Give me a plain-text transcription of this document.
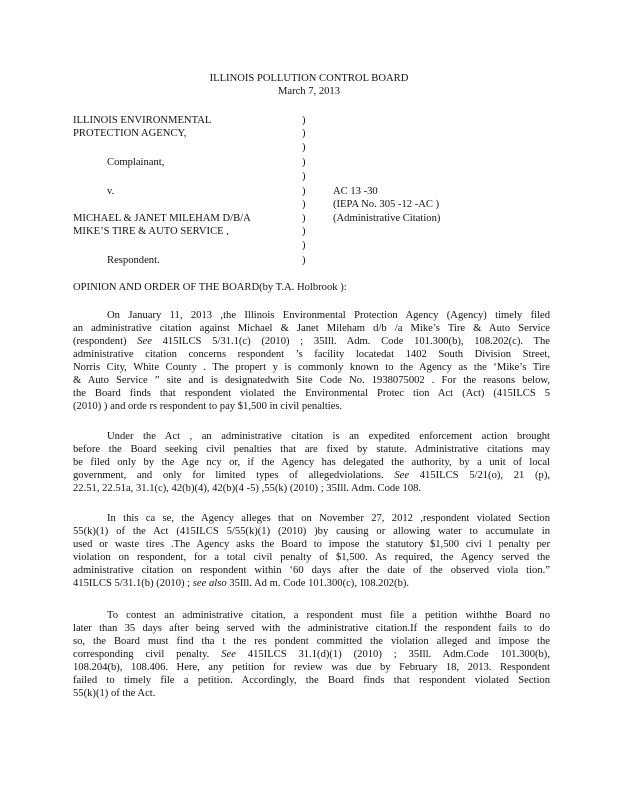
ILLINOIS POLLUTION CONTROL BOARD
March 7, 2013
ILLINOIS ENVIRONMENTAL
PROTECTION AGENCY,
Complainant,
v.
MICHAEL & JANET MILEHAM D/B/A
MIKE’S TIRE & AUTO SERVICE ,
Respondent.
)
)
)
)
)
)
)
)
)
)
)
AC 13 -30
(IEPA No. 305 -12 -AC )
(Administrative Citation)
OPINION AND ORDER OF THE BOARD(by T.A. Holbrook ):
On January 11, 2013 ,the Illinois Environmental Protection Agency (Agency) timely filed
an administrative citation against Michael & Janet Mileham d/b /a Mike’s Tire & Auto Service
(respondent) See 415ILCS 5/31.1(c) (2010) ; 35Ill. Adm. Code 101.300(b), 108.202(c). The
administrative citation concerns respondent ’s facility locatedat 1402 South Division Street,
Norris City, White County . The propert y is commonly known to the Agency as the ‘Mike’s Tire
& Auto Service ” site and is designatedwith Site Code No. 1938075002 . For the reasons below,
the Board finds that respondent violated the Environmental Protec tion Act (Act) (415ILCS 5
(2010) ) and orde rs respondent to pay $1,500 in civil penalties.
Under the Act , an administrative citation is an expedited enforcement action brought
before the Board seeking civil penalties that are fixed by statute. Administrative citations may
be filed only by the Age ncy or, if the Agency has delegated the authority, by a unit of local
government, and only for limited types of allegedviolations. See 415ILCS 5/21(o), 21 (p),
22.51, 22.51a, 31.1(c), 42(b)(4), 42(b)(4 -5) ,55(k) (2010) ; 35Ill. Adm. Code 108.
In this ca se, the Agency alleges that on November 27, 2012 ,respondent violated Section
55(k)(1) of the Act (415ILCS 5/55(k)(1) (2010) )by causing or allowing water to accumulate in
used or waste tires .The Agency asks the Board to impose the statutory $1,500 civi l penalty per
violation on respondent, for a total civil penalty of $1,500. As required, the Agency served the
administrative citation on respondent within ‘60 days after the date of the observed viola tion.”
415ILCS 5/31.1(b) (2010) ; see also 35Ill. Ad m. Code 101.300(c), 108.202(b).
To contest an administrative citation, a respondent must file a petition withthe Board no
later than 35 days after being served with the administrative citation.If the respondent fails to do
so, the Board must find tha t the res pondent committed the violation alleged and impose the
corresponding civil penalty. See 415ILCS 31.1(d)(1) (2010) ; 35Ill. Adm.Code 101.300(b),
108.204(b), 108.406. Here, any petition for review was due by February 18, 2013. Respondent
failed to timely file a petition. Accordingly, the Board finds that respondent violated Section
55(k)(1) of the Act.
